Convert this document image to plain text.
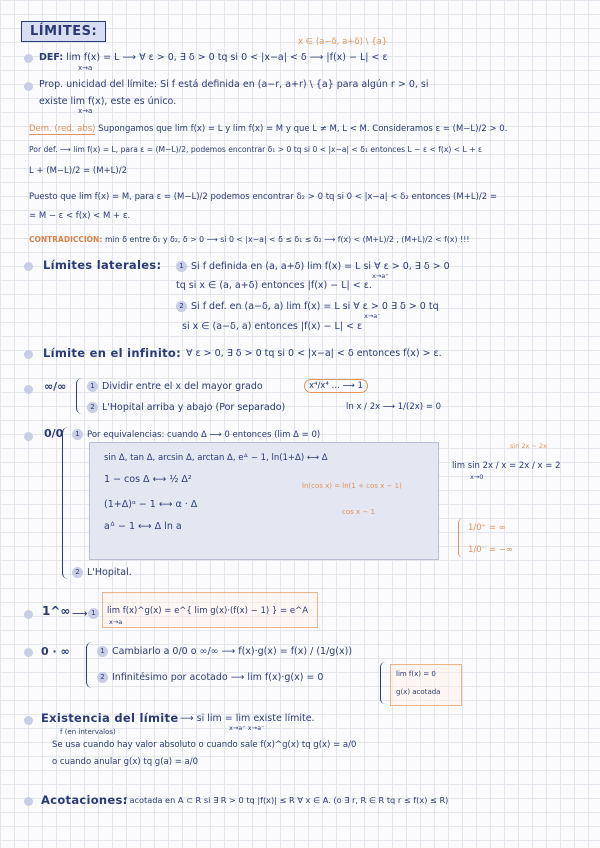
LÍMITES:
x ∈ (a−δ, a+δ) \ {a}
DEF: lim f(x) = L ⟶ ∀ ε > 0, ∃ δ > 0 tq si 0 < |x−a| < δ ⟶ |f(x) − L| < ε
x→a
Prop. unicidad del límite: Si f está definida en (a−r, a+r) \ {a} para algún r > 0, si
existe lim f(x), este es único.
x→a
Dem. (red. abs) Supongamos que lim f(x) = L y lim f(x) = M y que L ≠ M, L < M. Consideramos ε = (M−L)/2 > 0.
Por def. ⟶ lim f(x) = L, para ε = (M−L)/2, podemos encontrar δ₁ > 0 tq si 0 < |x−a| < δ₁ entonces L − ε < f(x) < L + ε
L + (M−L)/2 = (M+L)/2
Puesto que lim f(x) = M, para ε = (M−L)/2 podemos encontrar δ₂ > 0 tq si 0 < |x−a| < δ₂ entonces (M+L)/2 =
= M − ε < f(x) < M + ε.
CONTRADICCIÓN: min δ entre δ₁ y δ₂, δ > 0 ⟶ si 0 < |x−a| < δ ≤ δ₁ ≤ δ₂ ⟶ f(x) < (M+L)/2 , (M+L)/2 < f(x) !!!
Límites laterales:	1 Si f definida en (a, a+δ) lim f(x) = L si ∀ ε > 0, ∃ δ > 0
x→a⁺
tq si x ∈ (a, a+δ) entonces |f(x) − L| < ε.
2 Si f def. en (a−δ, a) lim f(x) = L si ∀ ε > 0 ∃ δ > 0 tq
x→a⁻
si x ∈ (a−δ, a) entonces |f(x) − L| < ε
Límite en el infinito: ∀ ε > 0, ∃ δ > 0 tq si 0 < |x−a| < δ entonces f(x) > ε.
∞/∞	1 Dividir entre el x del mayor grado	x⁴/x⁴ … ⟶ 1
2 L'Hopital arriba y abajo (Por separado)	ln x / 2x ⟶ 1/(2x) = 0
0/0	1 Por equivalencias: cuando Δ ⟶ 0 entonces (lim Δ = 0)
sin Δ, tan Δ, arcsin Δ, arctan Δ, eᐞ − 1, ln(1+Δ) ⟷ Δ
1 − cos Δ ⟷ ½ Δ²
(1+Δ)ᵅ − 1 ⟷ α · Δ
aᐞ − 1 ⟷ Δ ln a
ln(cos x) = ln(1 + cos x − 1)
cos x − 1
sin 2x ∼ 2x
lim sin 2x / x = 2x / x = 2
x→0
1/0⁺ = ∞
1/0⁻ = −∞
2 L'Hopital.
1^∞ ⟶ 1	lim f(x)^g(x) = e^{ lim g(x)·(f(x) − 1) } = e^A
x→a
0 · ∞	1 Cambiarlo a 0/0 o ∞/∞ ⟶ f(x)·g(x) = f(x) / (1/g(x))
2 Infinitésimo por acotado ⟶ lim f(x)·g(x) = 0	lim f(x) = 0
g(x) acotada
Existencia del límite ⟶ si lim = lim existe límite.
x→a⁺ x→a⁻
f (en intervalos)
Se usa cuando hay valor absoluto o cuando sale f(x)^g(x) tq g(x) = a/0
o cuando anular g(x) tq g(a) = a/0
Acotaciones:
f acotada en A ⊂ R si ∃ R > 0 tq |f(x)| ≤ R ∀ x ∈ A. (o ∃ r, R ∈ R tq r ≤ f(x) ≤ R)
